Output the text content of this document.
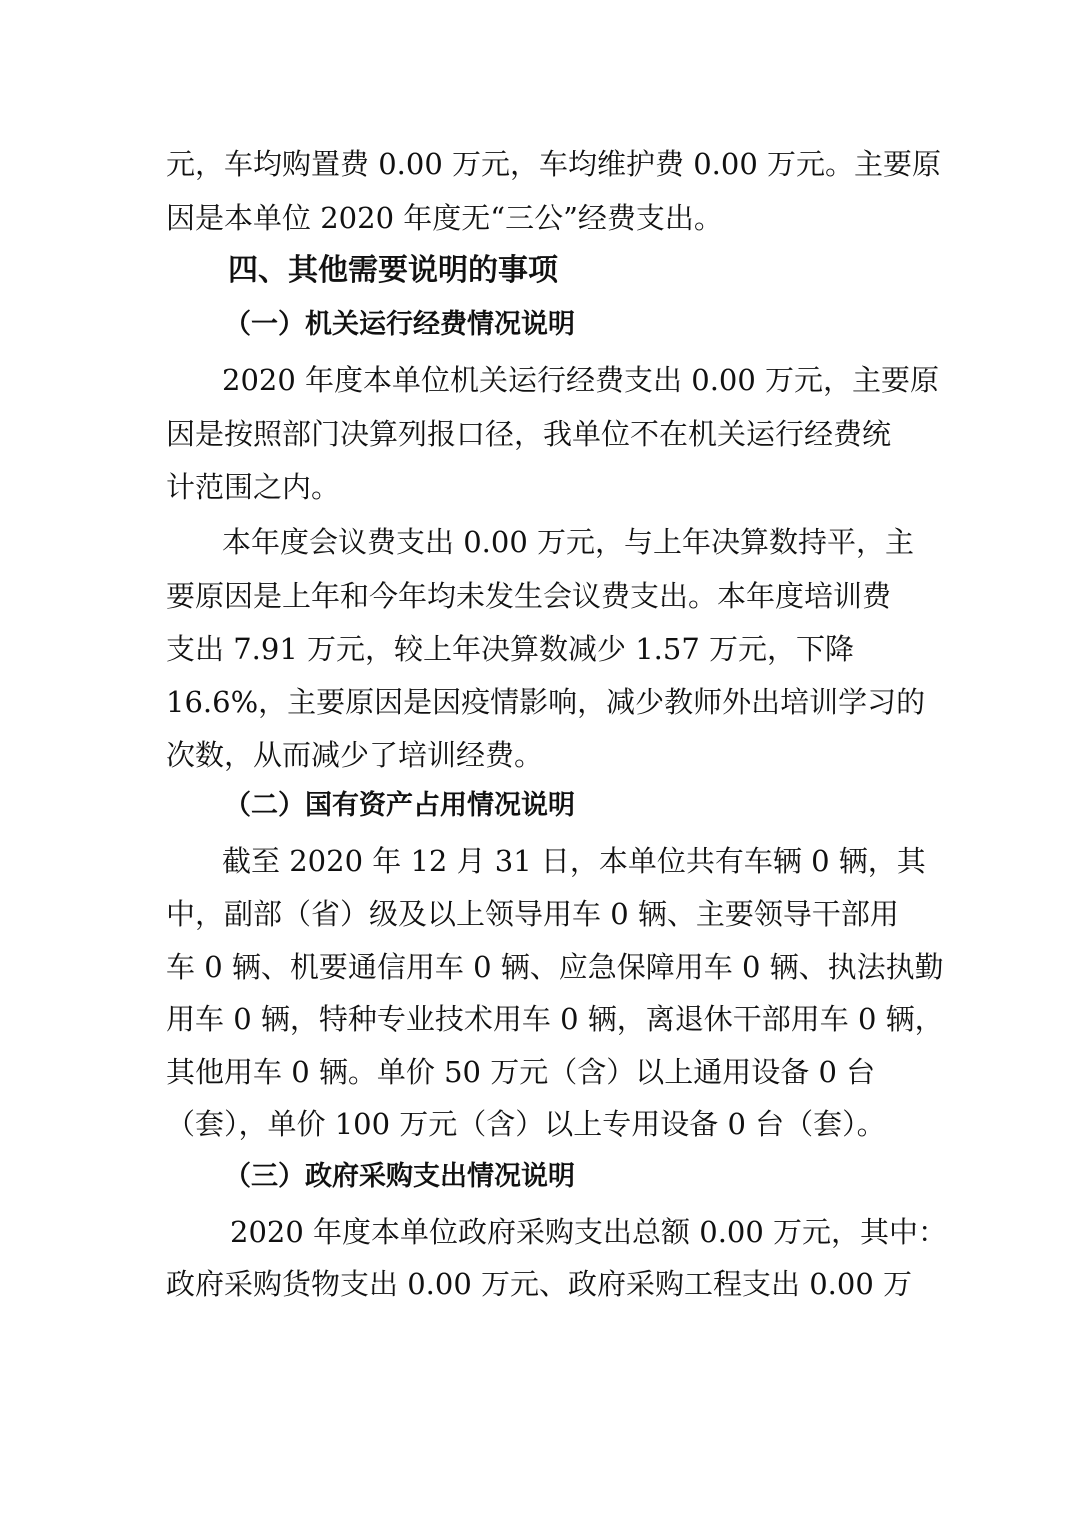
元，车均购置费 0.00 万元，车均维护费 0.00 万元。主要原
因是本单位 2020 年度无“三公”经费支出。
四、其他需要说明的事项
（一）机关运行经费情况说明
2020 年度本单位机关运行经费支出 0.00 万元，主要原
因是按照部门决算列报口径，我单位不在机关运行经费统
计范围之内。
本年度会议费支出 0.00 万元，与上年决算数持平，主
要原因是上年和今年均未发生会议费支出。本年度培训费
支出 7.91 万元，较上年决算数减少 1.57 万元，下降
16.6%，主要原因是因疫情影响，减少教师外出培训学习的
次数，从而减少了培训经费。
（二）国有资产占用情况说明
截至 2020 年 12 月 31 日，本单位共有车辆 0 辆，其
中，副部（省）级及以上领导用车 0 辆、主要领导干部用
车 0 辆、机要通信用车 0 辆、应急保障用车 0 辆、执法执勤
用车 0 辆，特种专业技术用车 0 辆，离退休干部用车 0 辆，
其他用车 0 辆。单价 50 万元（含）以上通用设备 0 台
（套），单价 100 万元（含）以上专用设备 0 台（套）。
（三）政府采购支出情况说明
2020 年度本单位政府采购支出总额 0.00 万元，其中：
政府采购货物支出 0.00 万元、政府采购工程支出 0.00 万
